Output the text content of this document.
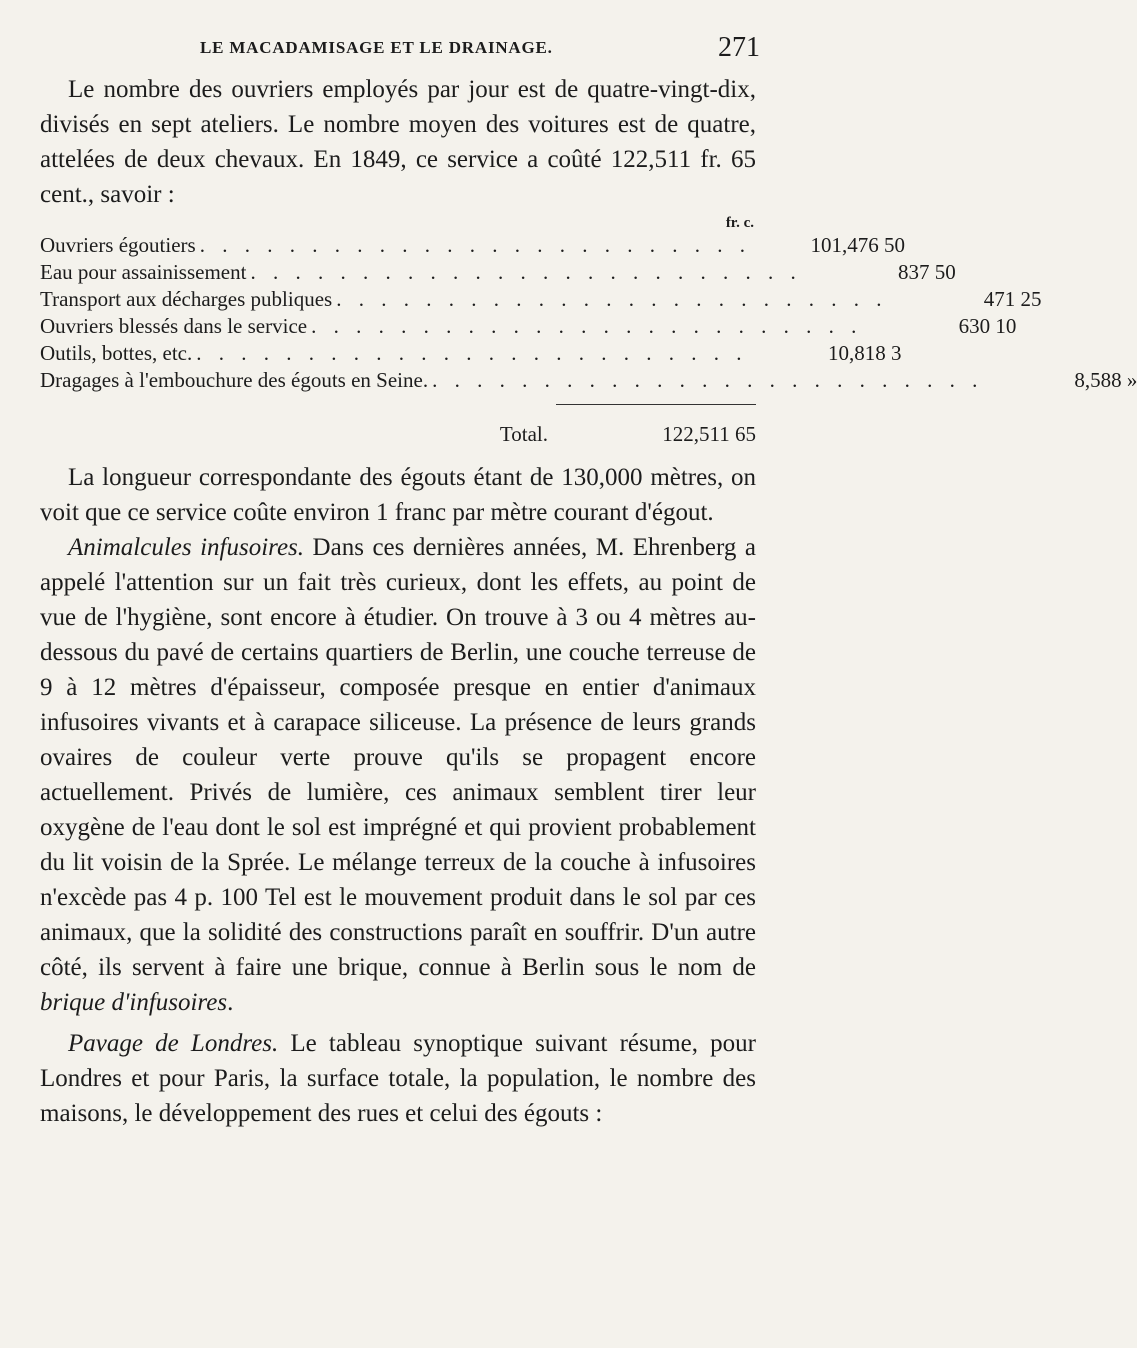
LE MACADAMISAGE ET LE DRAINAGE.	271

Le nombre des ouvriers employés par jour est de quatre-vingt-dix, divisés en sept ateliers. Le nombre moyen des voitures est de quatre, attelées de deux chevaux. En 1849, ce service a coûté 122,511 fr. 65 cent., savoir :

fr. c.
Ouvriers égoutiers . . . . . . . . . . . . . . . . . . . . . . . . .	101,476 50
Eau pour assainissement . . . . . . . . . . . . . . . . . . . . . . . . .	837 50
Transport aux décharges publiques . . . . . . . . . . . . . . . . . . . . . . . . .	471 25
Ouvriers blessés dans le service . . . . . . . . . . . . . . . . . . . . . . . . .	630 10
Outils, bottes, etc. . . . . . . . . . . . . . . . . . . . . . . . . .	10,818 3
Dragages à l'embouchure des égouts en Seine. . . . . . . . . . . . . . . . . . . . . . . . . .	8,588 »
Total.	122,511 65

La longueur correspondante des égouts étant de 130,000 mètres, on voit que ce service coûte environ 1 franc par mètre courant d'égout.

Animalcules infusoires. Dans ces dernières années, M. Ehrenberg a appelé l'attention sur un fait très curieux, dont les effets, au point de vue de l'hygiène, sont encore à étudier. On trouve à 3 ou 4 mètres au-dessous du pavé de certains quartiers de Berlin, une couche terreuse de 9 à 12 mètres d'épaisseur, composée presque en entier d'animaux infusoires vivants et à carapace siliceuse. La présence de leurs grands ovaires de couleur verte prouve qu'ils se propagent encore actuellement. Privés de lumière, ces animaux semblent tirer leur oxygène de l'eau dont le sol est imprégné et qui provient probablement du lit voisin de la Sprée. Le mélange terreux de la couche à infusoires n'excède pas 4 p. 100 Tel est le mouvement produit dans le sol par ces animaux, que la solidité des constructions paraît en souffrir. D'un autre côté, ils servent à faire une brique, connue à Berlin sous le nom de brique d'infusoires.

Pavage de Londres. Le tableau synoptique suivant résume, pour Londres et pour Paris, la surface totale, la population, le nombre des maisons, le développement des rues et celui des égouts :
